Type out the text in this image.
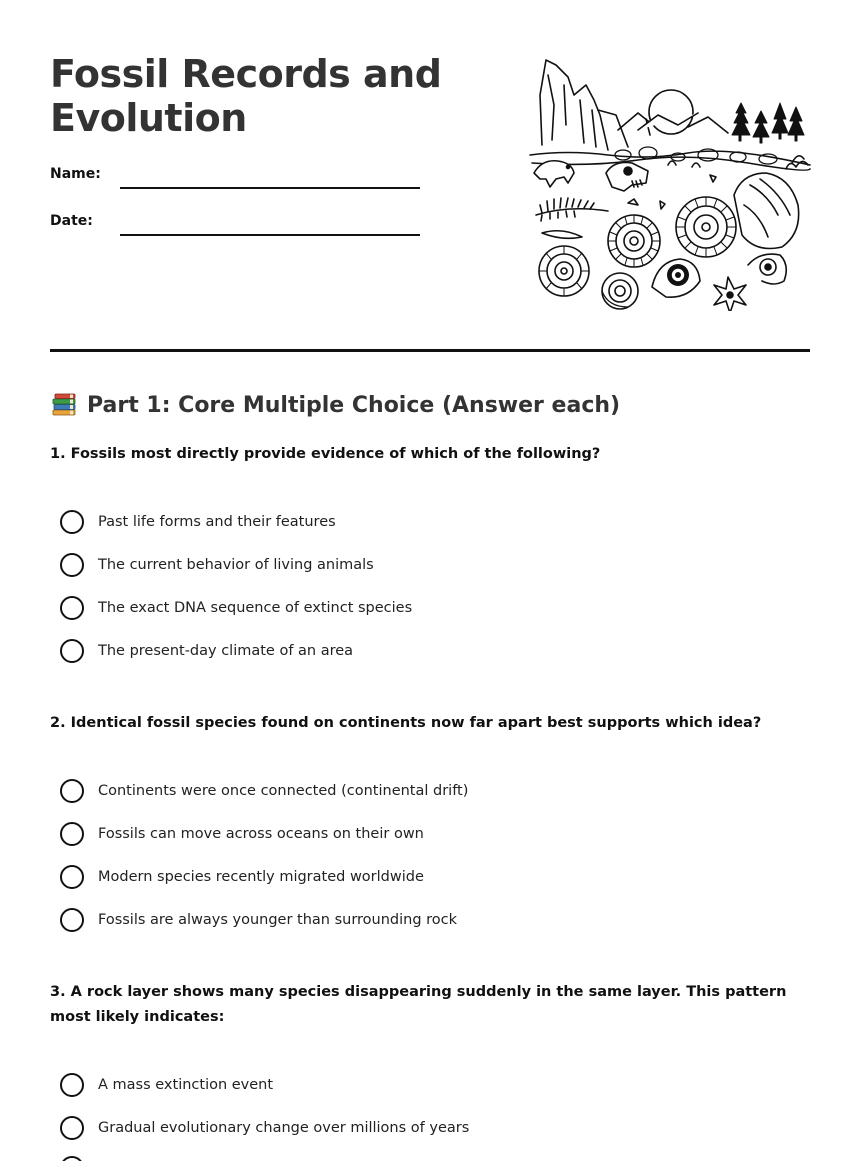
Fossil Records and Evolution
Name:
Date:
Part 1: Core Multiple Choice (Answer each)
1. Fossils most directly provide evidence of which of the following?
Past life forms and their features
The current behavior of living animals
The exact DNA sequence of extinct species
The present-day climate of an area
2. Identical fossil species found on continents now far apart best supports which idea?
Continents were once connected (continental drift)
Fossils can move across oceans on their own
Modern species recently migrated worldwide
Fossils are always younger than surrounding rock
3. A rock layer shows many species disappearing suddenly in the same layer. This pattern most likely indicates:
A mass extinction event
Gradual evolutionary change over millions of years
